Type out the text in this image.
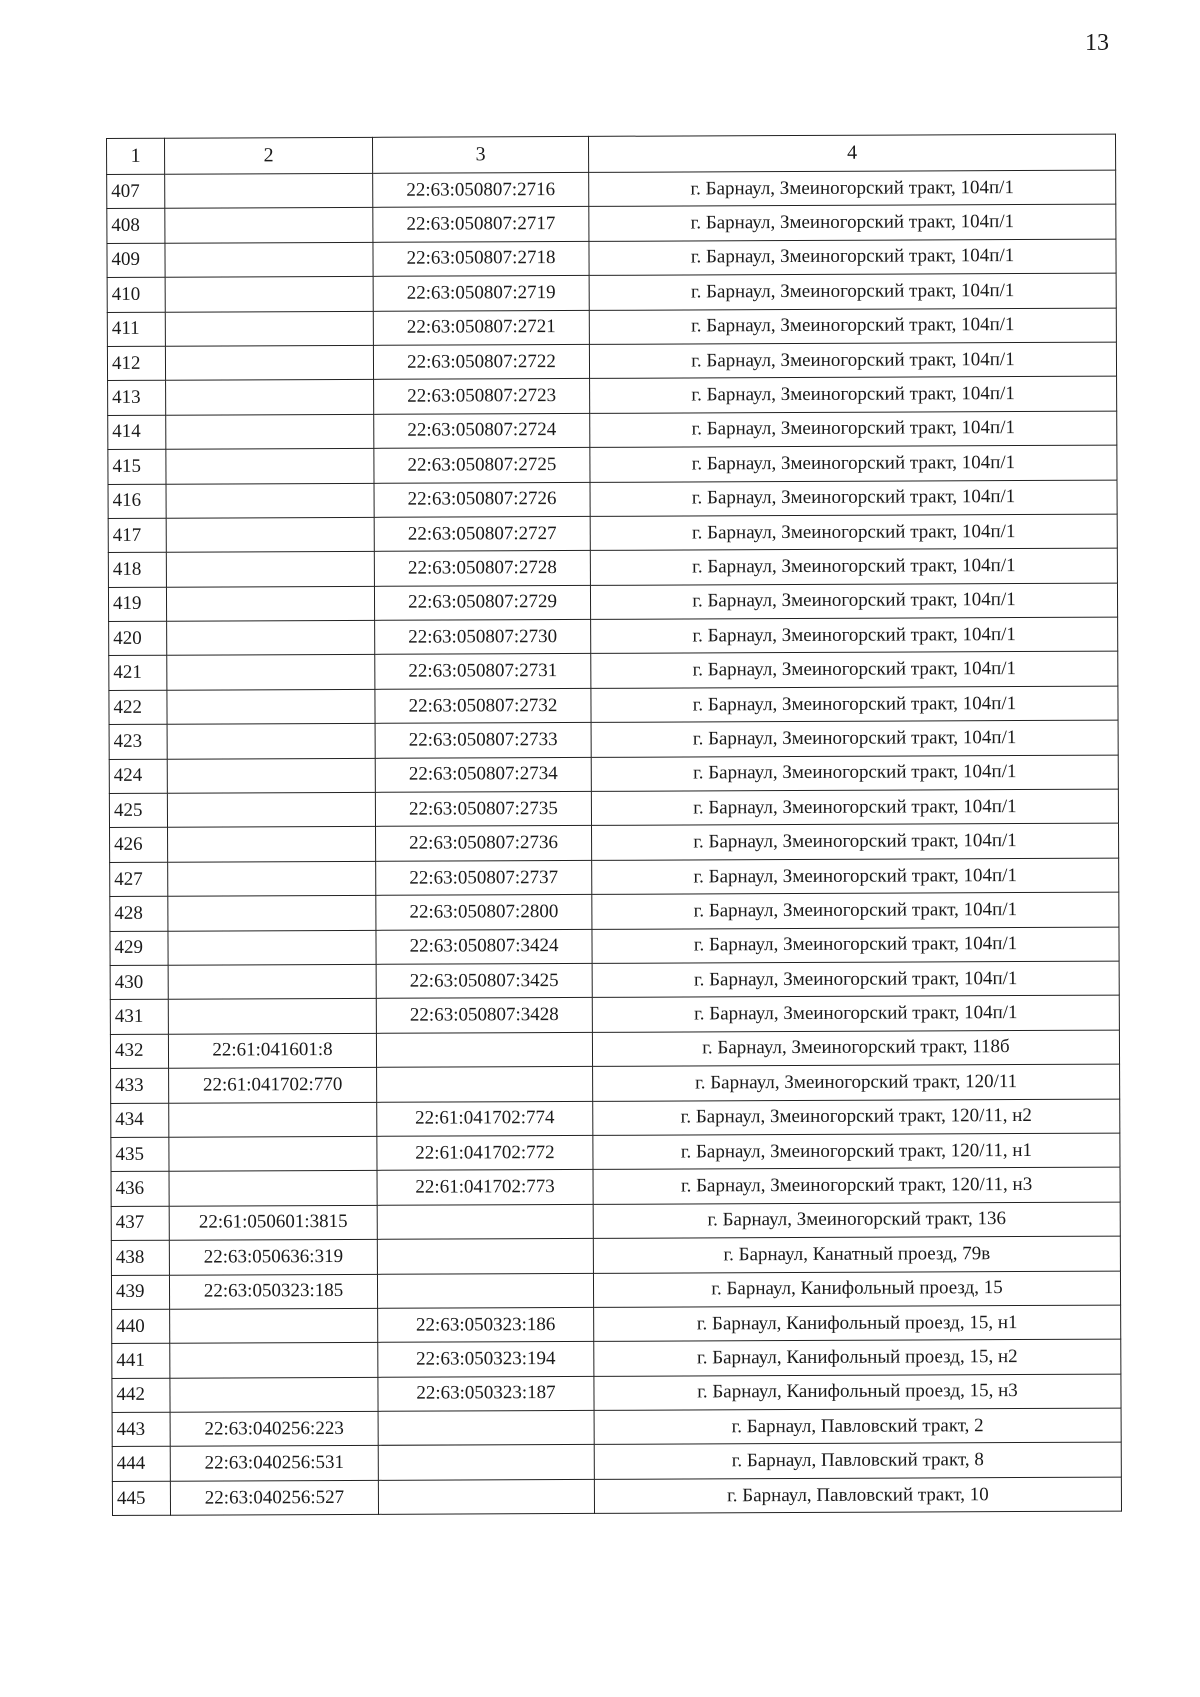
13
1	2	3	4
407		22:63:050807:2716	г. Барнаул, Змеиногорский тракт, 104п/1
408		22:63:050807:2717	г. Барнаул, Змеиногорский тракт, 104п/1
409		22:63:050807:2718	г. Барнаул, Змеиногорский тракт, 104п/1
410		22:63:050807:2719	г. Барнаул, Змеиногорский тракт, 104п/1
411		22:63:050807:2721	г. Барнаул, Змеиногорский тракт, 104п/1
412		22:63:050807:2722	г. Барнаул, Змеиногорский тракт, 104п/1
413		22:63:050807:2723	г. Барнаул, Змеиногорский тракт, 104п/1
414		22:63:050807:2724	г. Барнаул, Змеиногорский тракт, 104п/1
415		22:63:050807:2725	г. Барнаул, Змеиногорский тракт, 104п/1
416		22:63:050807:2726	г. Барнаул, Змеиногорский тракт, 104п/1
417		22:63:050807:2727	г. Барнаул, Змеиногорский тракт, 104п/1
418		22:63:050807:2728	г. Барнаул, Змеиногорский тракт, 104п/1
419		22:63:050807:2729	г. Барнаул, Змеиногорский тракт, 104п/1
420		22:63:050807:2730	г. Барнаул, Змеиногорский тракт, 104п/1
421		22:63:050807:2731	г. Барнаул, Змеиногорский тракт, 104п/1
422		22:63:050807:2732	г. Барнаул, Змеиногорский тракт, 104п/1
423		22:63:050807:2733	г. Барнаул, Змеиногорский тракт, 104п/1
424		22:63:050807:2734	г. Барнаул, Змеиногорский тракт, 104п/1
425		22:63:050807:2735	г. Барнаул, Змеиногорский тракт, 104п/1
426		22:63:050807:2736	г. Барнаул, Змеиногорский тракт, 104п/1
427		22:63:050807:2737	г. Барнаул, Змеиногорский тракт, 104п/1
428		22:63:050807:2800	г. Барнаул, Змеиногорский тракт, 104п/1
429		22:63:050807:3424	г. Барнаул, Змеиногорский тракт, 104п/1
430		22:63:050807:3425	г. Барнаул, Змеиногорский тракт, 104п/1
431		22:63:050807:3428	г. Барнаул, Змеиногорский тракт, 104п/1
432	22:61:041601:8		г. Барнаул, Змеиногорский тракт, 118б
433	22:61:041702:770		г. Барнаул, Змеиногорский тракт, 120/11
434		22:61:041702:774	г. Барнаул, Змеиногорский тракт, 120/11, н2
435		22:61:041702:772	г. Барнаул, Змеиногорский тракт, 120/11, н1
436		22:61:041702:773	г. Барнаул, Змеиногорский тракт, 120/11, н3
437	22:61:050601:3815		г. Барнаул, Змеиногорский тракт, 136
438	22:63:050636:319		г. Барнаул, Канатный проезд, 79в
439	22:63:050323:185		г. Барнаул, Канифольный проезд, 15
440		22:63:050323:186	г. Барнаул, Канифольный проезд, 15, н1
441		22:63:050323:194	г. Барнаул, Канифольный проезд, 15, н2
442		22:63:050323:187	г. Барнаул, Канифольный проезд, 15, н3
443	22:63:040256:223		г. Барнаул, Павловский тракт, 2
444	22:63:040256:531		г. Барнаул, Павловский тракт, 8
445	22:63:040256:527		г. Барнаул, Павловский тракт, 10
